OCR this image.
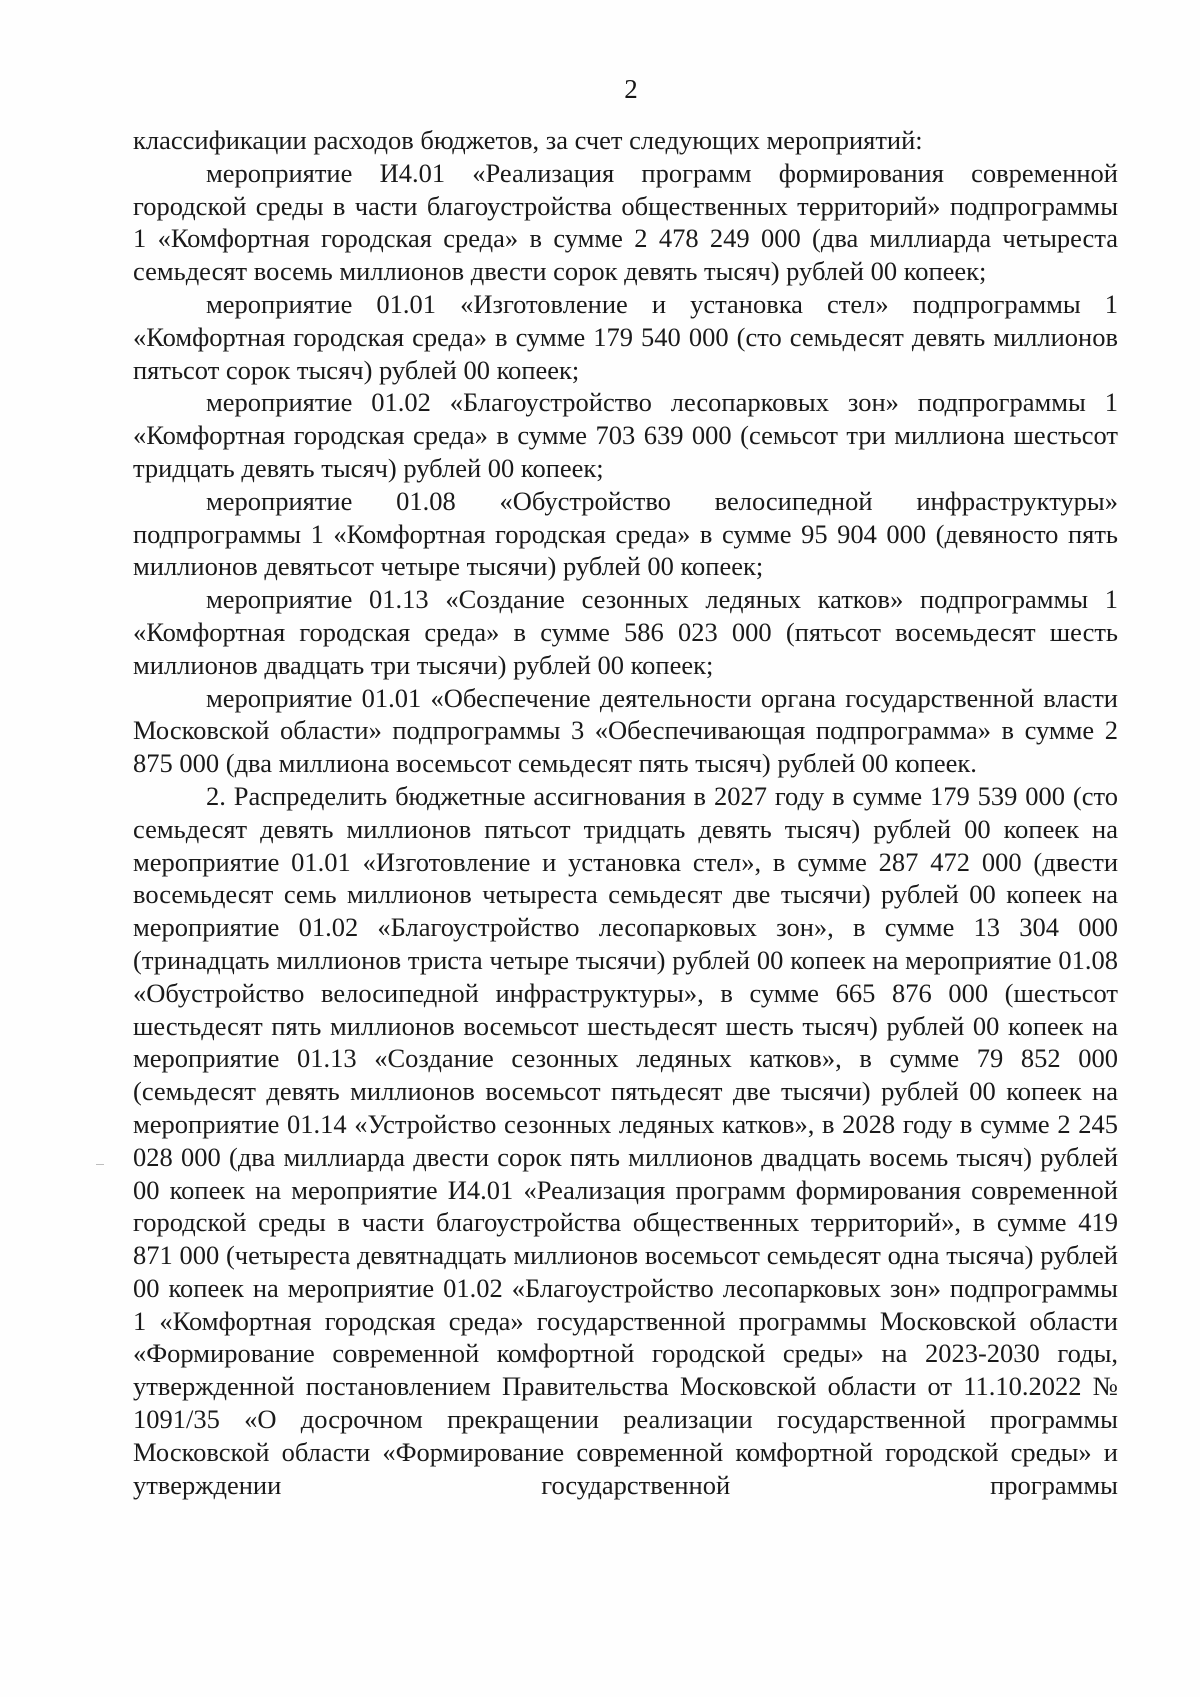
2

классификации расходов бюджетов, за счет следующих мероприятий:

мероприятие И4.01 «Реализация программ формирования современной городской среды в части благоустройства общественных территорий» подпрограммы 1 «Комфортная городская среда» в сумме 2 478 249 000 (два миллиарда четыреста семьдесят восемь миллионов двести сорок девять тысяч) рублей 00 копеек;

мероприятие 01.01 «Изготовление и установка стел» подпрограммы 1 «Комфортная городская среда» в сумме 179 540 000 (сто семьдесят девять миллионов пятьсот сорок тысяч) рублей 00 копеек;

мероприятие 01.02 «Благоустройство лесопарковых зон» подпрограммы 1 «Комфортная городская среда» в сумме 703 639 000 (семьсот три миллиона шестьсот тридцать девять тысяч) рублей 00 копеек;

мероприятие 01.08 «Обустройство велосипедной инфраструктуры» подпрограммы 1 «Комфортная городская среда» в сумме 95 904 000 (девяносто пять миллионов девятьсот четыре тысячи) рублей 00 копеек;

мероприятие 01.13 «Создание сезонных ледяных катков» подпрограммы 1 «Комфортная городская среда» в сумме 586 023 000 (пятьсот восемьдесят шесть миллионов двадцать три тысячи) рублей 00 копеек;

мероприятие 01.01 «Обеспечение деятельности органа государственной власти Московской области» подпрограммы 3 «Обеспечивающая подпрограмма» в сумме 2 875 000 (два миллиона восемьсот семьдесят пять тысяч) рублей 00 копеек.

2. Распределить бюджетные ассигнования в 2027 году в сумме 179 539 000 (сто семьдесят девять миллионов пятьсот тридцать девять тысяч) рублей 00 копеек на мероприятие 01.01 «Изготовление и установка стел», в сумме 287 472 000 (двести восемьдесят семь миллионов четыреста семьдесят две тысячи) рублей 00 копеек на мероприятие 01.02 «Благоустройство лесопарковых зон», в сумме 13 304 000 (тринадцать миллионов триста четыре тысячи) рублей 00 копеек на мероприятие 01.08 «Обустройство велосипедной инфраструктуры», в сумме 665 876 000 (шестьсот шестьдесят пять миллионов восемьсот шестьдесят шесть тысяч) рублей 00 копеек на мероприятие 01.13 «Создание сезонных ледяных катков», в сумме 79 852 000 (семьдесят девять миллионов восемьсот пятьдесят две тысячи) рублей 00 копеек на мероприятие 01.14 «Устройство сезонных ледяных катков», в 2028 году в сумме 2 245 028 000 (два миллиарда двести сорок пять миллионов двадцать восемь тысяч) рублей 00 копеек на мероприятие И4.01 «Реализация программ формирования современной городской среды в части благоустройства общественных территорий», в сумме 419 871 000 (четыреста девятнадцать миллионов восемьсот семьдесят одна тысяча) рублей 00 копеек на мероприятие 01.02 «Благоустройство лесопарковых зон» подпрограммы 1 «Комфортная городская среда» государственной программы Московской области «Формирование современной комфортной городской среды» на 2023-2030 годы, утвержденной постановлением Правительства Московской области от 11.10.2022 № 1091/35 «О досрочном прекращении реализации государственной программы Московской области «Формирование современной комфортной городской среды» и утверждении государственной программы
